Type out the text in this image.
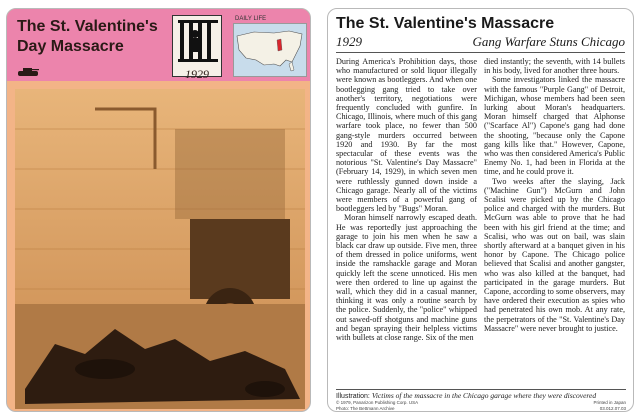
The St. Valentine's
Day Massacre
1929
DAILY LIFE	The St. Valentine's Massacre
1929	Gang Warfare Stuns Chicago

During America's Prohibition days, those who manufactured or sold liquor illegally were known as bootleggers. And when one bootlegging gang tried to take over another's territory, negotiations were frequently concluded with gunfire. In Chicago, Illinois, where much of this gang warfare took place, no fewer than 500 gang-style murders occurred between 1920 and 1930. By far the most spectacular of these events was the notorious "St. Valentine's Day Massacre" (February 14, 1929), in which seven men were ruthlessly gunned down inside a Chicago garage. Nearly all of the victims were members of a powerful gang of bootleggers led by "Bugs" Moran.

Moran himself narrowly escaped death. He was reportedly just approaching the garage to join his men when he saw a black car draw up outside. Five men, three of them dressed in police uniforms, went inside the ramshackle garage and Moran quickly left the scene unnoticed. His men were then ordered to line up against the wall, which they did in a casual manner, thinking it was only a routine search by the police. Suddenly, the "police" whipped out sawed-off shotguns and machine guns and began spraying their helpless victims with bullets at close range. Six of the men

died instantly; the seventh, with 14 bullets in his body, lived for another three hours.

Some investigators linked the massacre with the famous "Purple Gang" of Detroit, Michigan, whose members had been seen lurking about Moran's headquarters. Moran himself charged that Alphonse ("Scarface Al") Capone's gang had done the shooting, "because only the Capone gang kills like that." However, Capone, who was then considered America's Public Enemy No. 1, had been in Florida at the time, and he could prove it.

Two weeks after the slaying, Jack ("Machine Gun") McGurn and John Scalisi were picked up by the Chicago police and charged with the murders. But McGurn was able to prove that he had been with his girl friend at the time; and Scalisi, who was out on bail, was slain shortly afterward at a banquet given in his honor by Capone. The Chicago police believed that Scalisi and another gangster, who was also killed at the banquet, had participated in the garage murders. But Capone, according to some observers, may have ordered their execution as spies who had penetrated his own mob. At any rate, the perpetrators of the "St. Valentine's Day Massacre" were never brought to justice.

Illustration: Victims of the massacre in the Chicago garage where they were discovered
© 1979, Panarizon Publishing Corp. USA
Photo: The Bettmann Archive
Printed in Japan
03.012.07.03
